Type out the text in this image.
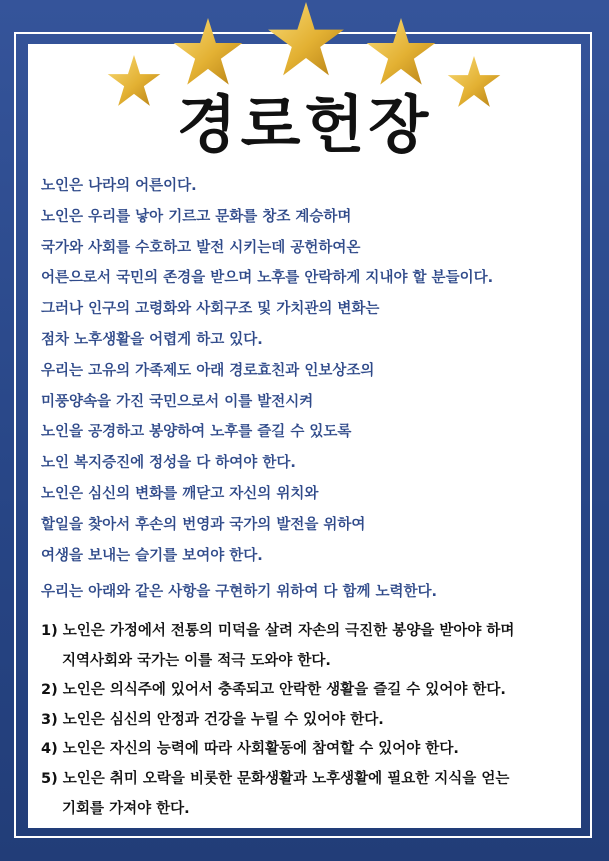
경로헌장
노인은 나라의 어른이다.
노인은 우리를 낳아 기르고 문화를 창조 계승하며
국가와 사회를 수호하고 발전 시키는데 공헌하여온
어른으로서 국민의 존경을 받으며 노후를 안락하게 지내야 할 분들이다.
그러나 인구의 고령화와 사회구조 및 가치관의 변화는
점차 노후생활을 어렵게 하고 있다.
우리는 고유의 가족제도 아래 경로효친과 인보상조의
미풍양속을 가진 국민으로서 이를 발전시켜
노인을 공경하고 봉양하여 노후를 즐길 수 있도록
노인 복지증진에 정성을 다 하여야 한다.
노인은 심신의 변화를 깨닫고 자신의 위치와
할일을 찾아서 후손의 번영과 국가의 발전을 위하여
여생을 보내는 슬기를 보여야 한다.
우리는 아래와 같은 사항을 구현하기 위하여 다 함께 노력한다.
1) 노인은 가정에서 전통의 미덕을 살려 자손의 극진한 봉양을 받아야 하며
지역사회와 국가는 이를 적극 도와야 한다.
2) 노인은 의식주에 있어서 충족되고 안락한 생활을 즐길 수 있어야 한다.
3) 노인은 심신의 안정과 건강을 누릴 수 있어야 한다.
4) 노인은 자신의 능력에 따라 사회활동에 참여할 수 있어야 한다.
5) 노인은 취미 오락을 비롯한 문화생활과 노후생활에 필요한 지식을 얻는
기회를 가져야 한다.
